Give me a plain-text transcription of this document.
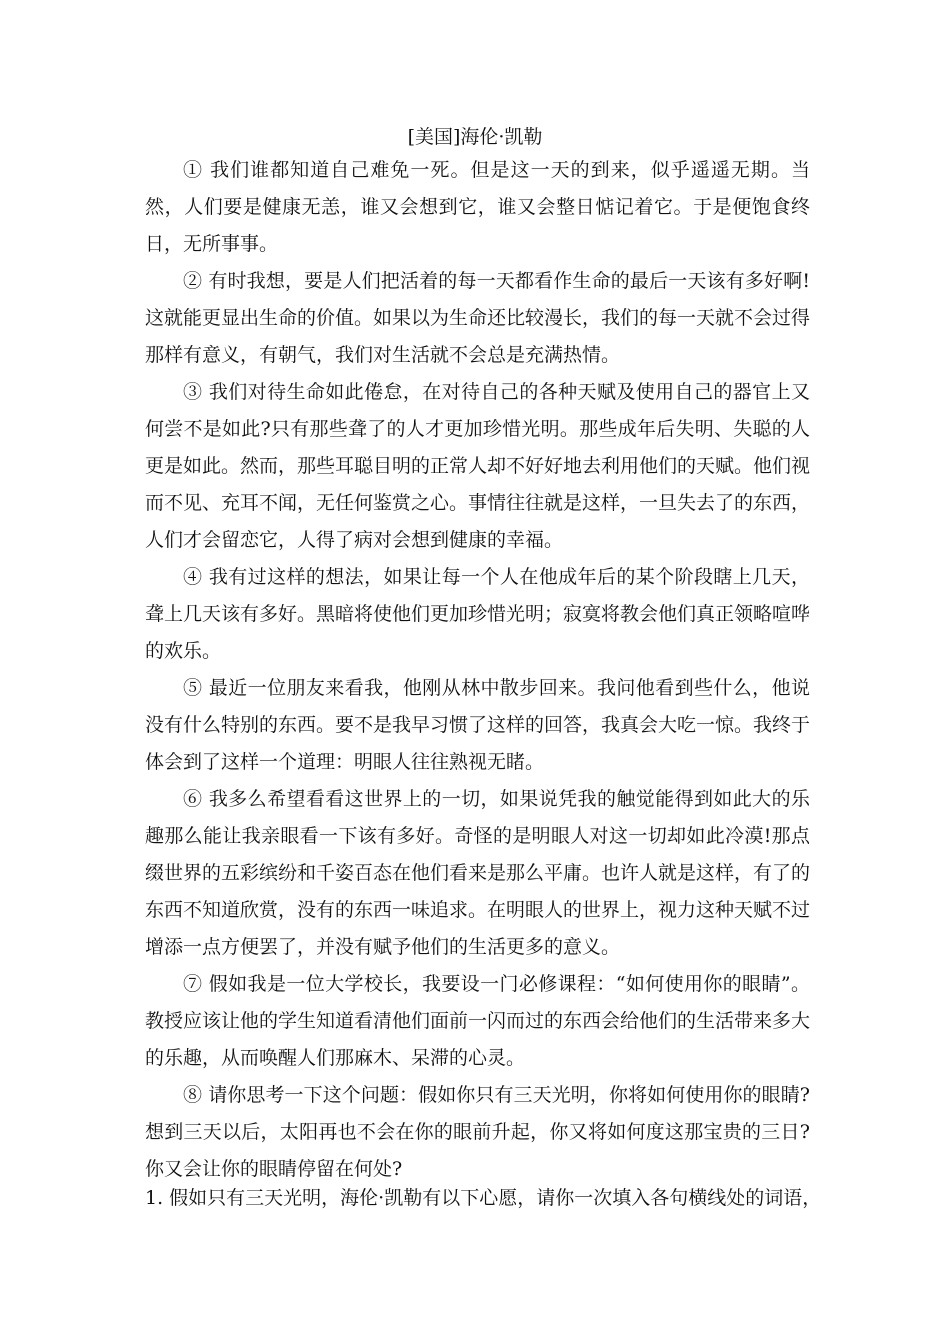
[美国]海伦·凯勒

① 我们谁都知道自己难免一死。但是这一天的到来，似乎遥遥无期。当然，人们要是健康无恙，谁又会想到它，谁又会整日惦记着它。于是便饱食终日，无所事事。

② 有时我想，要是人们把活着的每一天都看作生命的最后一天该有多好啊!这就能更显出生命的价值。如果以为生命还比较漫长，我们的每一天就不会过得那样有意义，有朝气，我们对生活就不会总是充满热情。

③ 我们对待生命如此倦怠，在对待自己的各种天赋及使用自己的器官上又何尝不是如此?只有那些聋了的人才更加珍惜光明。那些成年后失明、失聪的人更是如此。然而，那些耳聪目明的正常人却不好好地去利用他们的天赋。他们视而不见、充耳不闻，无任何鉴赏之心。事情往往就是这样，一旦失去了的东西，人们才会留恋它，人得了病对会想到健康的幸福。

④ 我有过这样的想法，如果让每一个人在他成年后的某个阶段瞎上几天，聋上几天该有多好。黑暗将使他们更加珍惜光明；寂寞将教会他们真正领略喧哗的欢乐。

⑤ 最近一位朋友来看我，他刚从林中散步回来。我问他看到些什么，他说没有什么特别的东西。要不是我早习惯了这样的回答，我真会大吃一惊。我终于体会到了这样一个道理：明眼人往往熟视无睹。

⑥ 我多么希望看看这世界上的一切，如果说凭我的触觉能得到如此大的乐趣那么能让我亲眼看一下该有多好。奇怪的是明眼人对这一切却如此冷漠!那点缀世界的五彩缤纷和千姿百态在他们看来是那么平庸。也许人就是这样，有了的东西不知道欣赏，没有的东西一味追求。在明眼人的世界上，视力这种天赋不过增添一点方便罢了，并没有赋予他们的生活更多的意义。

⑦ 假如我是一位大学校长，我要设一门必修课程：“如何使用你的眼睛”。教授应该让他的学生知道看清他们面前一闪而过的东西会给他们的生活带来多大的乐趣，从而唤醒人们那麻木、呆滞的心灵。

⑧ 请你思考一下这个问题：假如你只有三天光明，你将如何使用你的眼睛?想到三天以后，太阳再也不会在你的眼前升起，你又将如何度这那宝贵的三日?你又会让你的眼睛停留在何处?

1. 假如只有三天光明，海伦·凯勒有以下心愿，请你一次填入各句横线处的词语，
